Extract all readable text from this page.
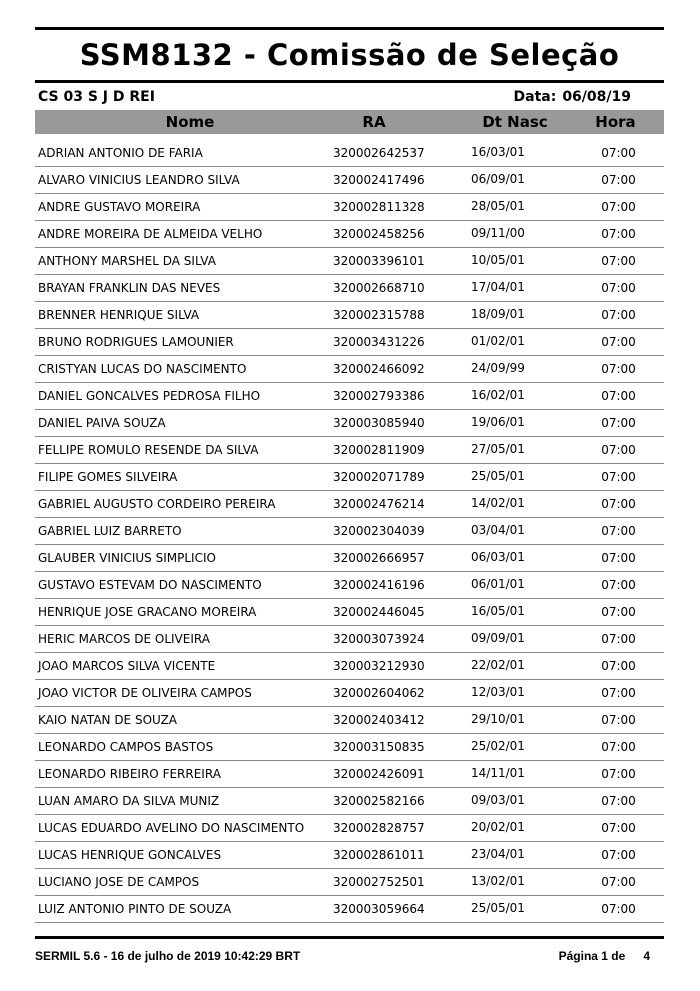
SSM8132 - Comissão de Seleção
CS 03 S J D REI	Data: 06/08/19
Nome	RA	Dt Nasc	Hora
ADRIAN ANTONIO DE FARIA	320002642537	16/03/01	07:00
ALVARO VINICIUS LEANDRO SILVA	320002417496	06/09/01	07:00
ANDRE GUSTAVO MOREIRA	320002811328	28/05/01	07:00
ANDRE MOREIRA DE ALMEIDA VELHO	320002458256	09/11/00	07:00
ANTHONY MARSHEL DA SILVA	320003396101	10/05/01	07:00
BRAYAN FRANKLIN DAS NEVES	320002668710	17/04/01	07:00
BRENNER HENRIQUE SILVA	320002315788	18/09/01	07:00
BRUNO RODRIGUES LAMOUNIER	320003431226	01/02/01	07:00
CRISTYAN LUCAS DO NASCIMENTO	320002466092	24/09/99	07:00
DANIEL GONCALVES PEDROSA FILHO	320002793386	16/02/01	07:00
DANIEL PAIVA SOUZA	320003085940	19/06/01	07:00
FELLIPE ROMULO RESENDE DA SILVA	320002811909	27/05/01	07:00
FILIPE GOMES SILVEIRA	320002071789	25/05/01	07:00
GABRIEL AUGUSTO CORDEIRO PEREIRA	320002476214	14/02/01	07:00
GABRIEL LUIZ BARRETO	320002304039	03/04/01	07:00
GLAUBER VINICIUS SIMPLICIO	320002666957	06/03/01	07:00
GUSTAVO ESTEVAM DO NASCIMENTO	320002416196	06/01/01	07:00
HENRIQUE JOSE GRACANO MOREIRA	320002446045	16/05/01	07:00
HERIC MARCOS DE OLIVEIRA	320003073924	09/09/01	07:00
JOAO MARCOS SILVA VICENTE	320003212930	22/02/01	07:00
JOAO VICTOR DE OLIVEIRA CAMPOS	320002604062	12/03/01	07:00
KAIO NATAN DE SOUZA	320002403412	29/10/01	07:00
LEONARDO CAMPOS BASTOS	320003150835	25/02/01	07:00
LEONARDO RIBEIRO FERREIRA	320002426091	14/11/01	07:00
LUAN AMARO DA SILVA MUNIZ	320002582166	09/03/01	07:00
LUCAS EDUARDO AVELINO DO NASCIMENTO	320002828757	20/02/01	07:00
LUCAS HENRIQUE GONCALVES	320002861011	23/04/01	07:00
LUCIANO JOSE DE CAMPOS	320002752501	13/02/01	07:00
LUIZ ANTONIO PINTO DE SOUZA	320003059664	25/05/01	07:00
SERMIL 5.6 - 16 de julho de 2019 10:42:29 BRT	Página 1 de 4
